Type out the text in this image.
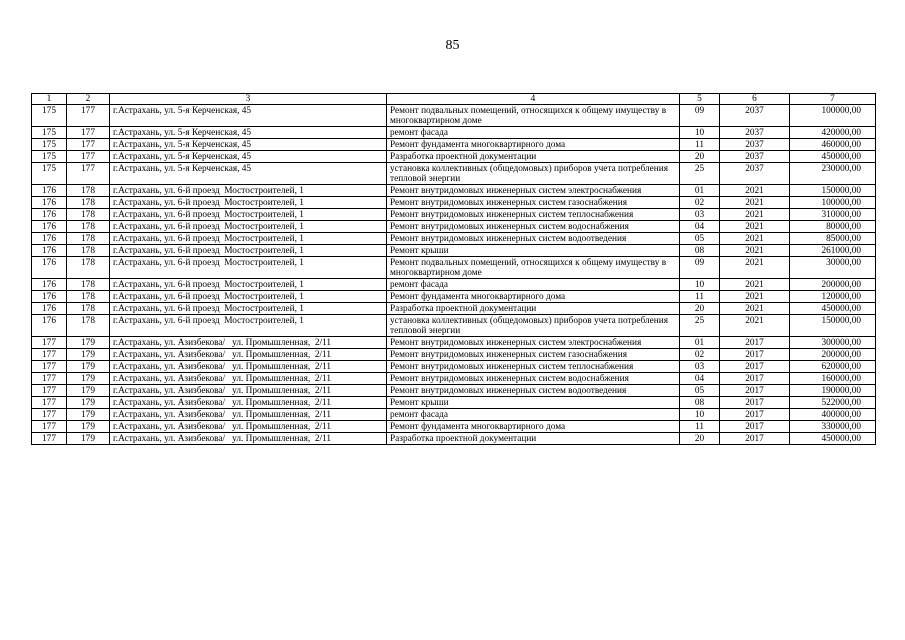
85
1	2	3	4	5	6	7
175	177	г.Астрахань, ул. 5-я Керченская, 45	Ремонт подвальных помещений, относящихся к общему имуществу в многоквартирном доме	09	2037	100000,00
175	177	г.Астрахань, ул. 5-я Керченская, 45	ремонт фасада	10	2037	420000,00
175	177	г.Астрахань, ул. 5-я Керченская, 45	Ремонт фундамента многоквартирного дома	11	2037	460000,00
175	177	г.Астрахань, ул. 5-я Керченская, 45	Разработка проектной документации	20	2037	450000,00
175	177	г.Астрахань, ул. 5-я Керченская, 45	установка коллективных (общедомовых) приборов учета потребления тепловой энергии	25	2037	230000,00
176	178	г.Астрахань, ул. 6-й проезд  Мостостроителей, 1	Ремонт внутридомовых инженерных систем электроснабжения	01	2021	150000,00
176	178	г.Астрахань, ул. 6-й проезд  Мостостроителей, 1	Ремонт внутридомовых инженерных систем газоснабжения	02	2021	100000,00
176	178	г.Астрахань, ул. 6-й проезд  Мостостроителей, 1	Ремонт внутридомовых инженерных систем теплоснабжения	03	2021	310000,00
176	178	г.Астрахань, ул. 6-й проезд  Мостостроителей, 1	Ремонт внутридомовых инженерных систем водоснабжения	04	2021	80000,00
176	178	г.Астрахань, ул. 6-й проезд  Мостостроителей, 1	Ремонт внутридомовых инженерных систем водоотведения	05	2021	85000,00
176	178	г.Астрахань, ул. 6-й проезд  Мостостроителей, 1	Ремонт крыши	08	2021	261000,00
176	178	г.Астрахань, ул. 6-й проезд  Мостостроителей, 1	Ремонт подвальных помещений, относящихся к общему имуществу в многоквартирном доме	09	2021	30000,00
176	178	г.Астрахань, ул. 6-й проезд  Мостостроителей, 1	ремонт фасада	10	2021	200000,00
176	178	г.Астрахань, ул. 6-й проезд  Мостостроителей, 1	Ремонт фундамента многоквартирного дома	11	2021	120000,00
176	178	г.Астрахань, ул. 6-й проезд  Мостостроителей, 1	Разработка проектной документации	20	2021	450000,00
176	178	г.Астрахань, ул. 6-й проезд  Мостостроителей, 1	установка коллективных (общедомовых) приборов учета потребления тепловой энергии	25	2021	150000,00
177	179	г.Астрахань, ул. Азизбекова/   ул. Промышленная,  2/11	Ремонт внутридомовых инженерных систем электроснабжения	01	2017	300000,00
177	179	г.Астрахань, ул. Азизбекова/   ул. Промышленная,  2/11	Ремонт внутридомовых инженерных систем газоснабжения	02	2017	200000,00
177	179	г.Астрахань, ул. Азизбекова/   ул. Промышленная,  2/11	Ремонт внутридомовых инженерных систем теплоснабжения	03	2017	620000,00
177	179	г.Астрахань, ул. Азизбекова/   ул. Промышленная,  2/11	Ремонт внутридомовых инженерных систем водоснабжения	04	2017	160000,00
177	179	г.Астрахань, ул. Азизбекова/   ул. Промышленная,  2/11	Ремонт внутридомовых инженерных систем водоотведения	05	2017	190000,00
177	179	г.Астрахань, ул. Азизбекова/   ул. Промышленная,  2/11	Ремонт крыши	08	2017	522000,00
177	179	г.Астрахань, ул. Азизбекова/   ул. Промышленная,  2/11	ремонт фасада	10	2017	400000,00
177	179	г.Астрахань, ул. Азизбекова/   ул. Промышленная,  2/11	Ремонт фундамента многоквартирного дома	11	2017	330000,00
177	179	г.Астрахань, ул. Азизбекова/   ул. Промышленная,  2/11	Разработка проектной документации	20	2017	450000,00
